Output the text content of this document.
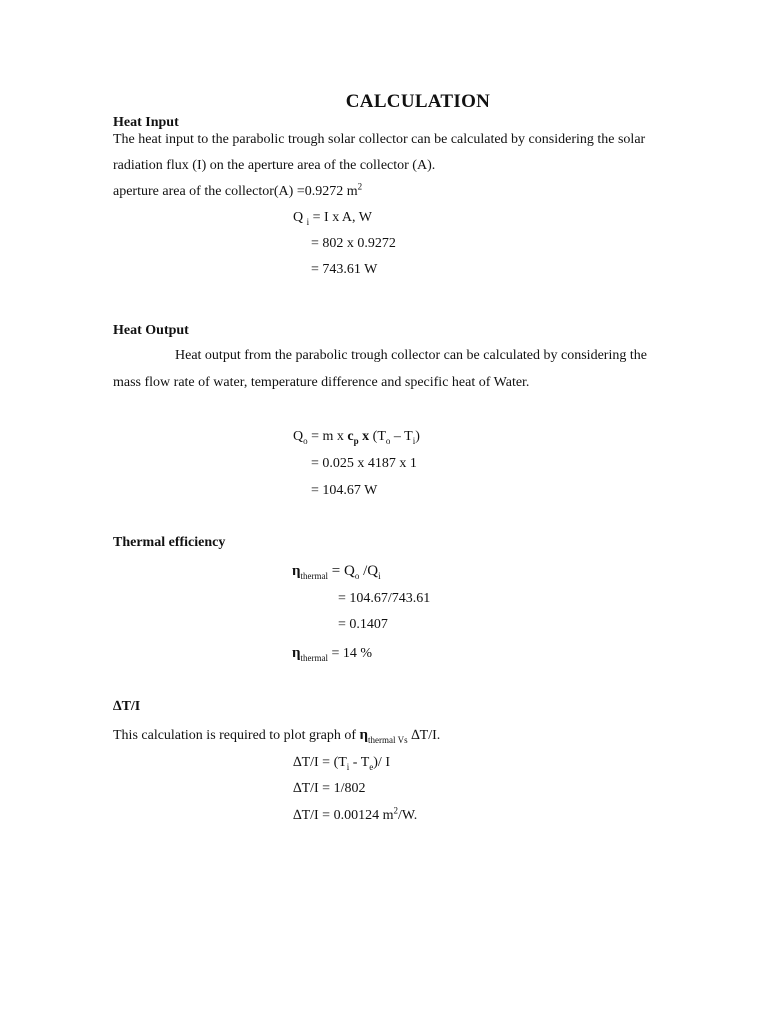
CALCULATION
Heat Input
The heat input to the parabolic trough solar collector can be calculated by considering the solar
radiation flux (I) on the aperture area of the collector (A).
aperture area of the collector(A) =0.9272 $m^2$
Q $_i$ = I x A, W
= 802 x 0.9272
= 743.61 W
Heat Output
Heat output from the parabolic trough collector can be calculated by considering the
mass flow rate of water, temperature difference and specific heat of Water.
$Q_o = m$ x $c_p$ x $(T_o - T_i)$
= 0.025 x 4187 x 1
= 104.67 W
Thermal efficiency
$\eta_{thermal} = Q_o$ $/Q_i$
= 104.67/743.61
= 0.1407
$\eta_{thermal} = 14$ %
∆T/I
This calculation is required to plot graph of $\eta_{thermal Vs}$ ∆T/I.
$\Delta T/I = (T_i - T_e)/$ I
∆T/I = 1/802
∆T/I = 0.00124 $m^2/W$.
